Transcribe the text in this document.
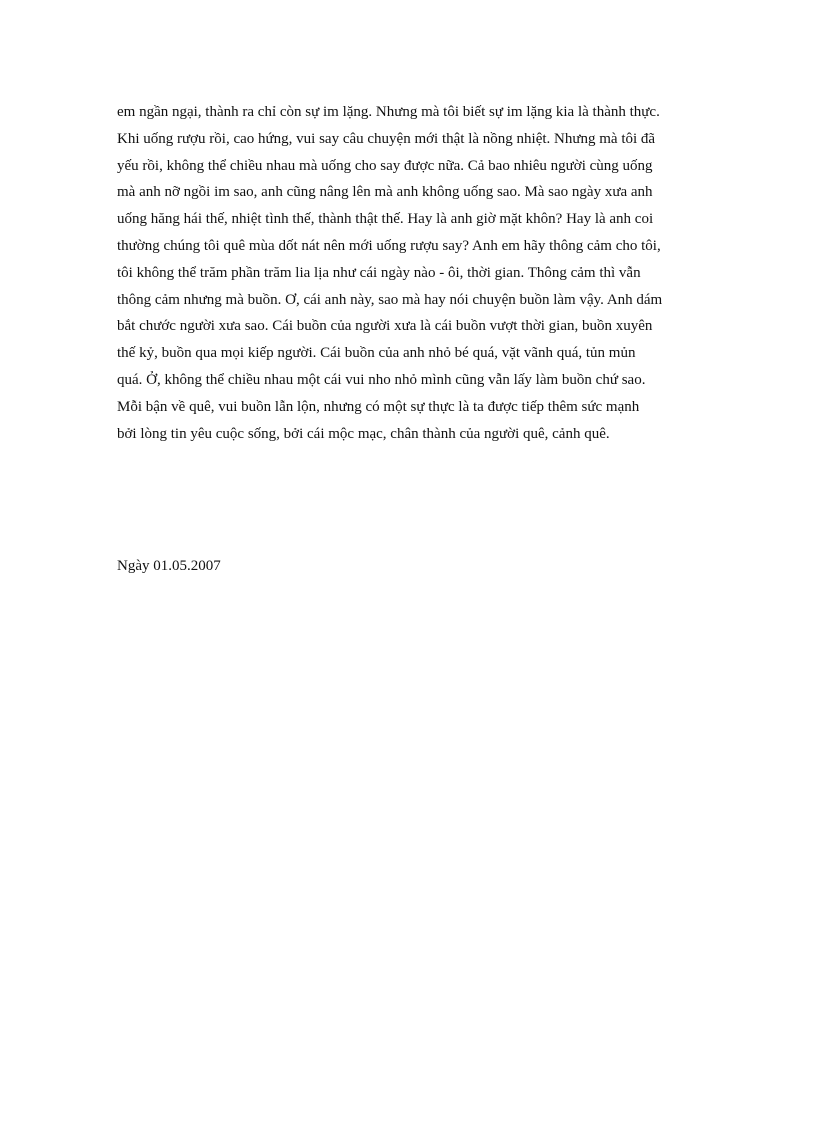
em ngần ngại, thành ra chỉ còn sự im lặng. Nhưng mà tôi biết sự im lặng kia là thành thực.
Khi uống rượu rồi, cao hứng, vui say câu chuyện mới thật là nồng nhiệt. Nhưng mà tôi đã
yếu rồi, không thể chiều nhau mà uống cho say được nữa. Cả bao nhiêu người cùng uống
mà anh nỡ ngồi im sao, anh cũng nâng lên mà anh không uống sao. Mà sao ngày xưa anh
uống hăng hái thế, nhiệt tình thế, thành thật thế. Hay là anh giờ mặt khôn? Hay là anh coi
thường chúng tôi quê mùa dốt nát nên mới uống rượu say? Anh em hãy thông cảm cho tôi,
tôi không thể trăm phần trăm lia lịa như cái ngày nào - ôi, thời gian. Thông cảm thì vẫn
thông cảm nhưng mà buồn. Ơ, cái anh này, sao mà hay nói chuyện buồn làm vậy. Anh dám
bắt chước người xưa sao. Cái buồn của người xưa là cái buồn vượt thời gian, buồn xuyên
thế kỷ, buồn qua mọi kiếp người. Cái buồn của anh nhỏ bé quá, vặt vãnh quá, tủn mủn
quá. Ở, không thể chiều nhau một cái vui nho nhỏ mình cũng vẫn lấy làm buồn chứ sao.
Mỗi bận về quê, vui buồn lẫn lộn, nhưng có một sự thực là ta được tiếp thêm sức mạnh
bởi lòng tin yêu cuộc sống, bởi cái mộc mạc, chân thành của người quê, cảnh quê.
Ngày 01.05.2007
